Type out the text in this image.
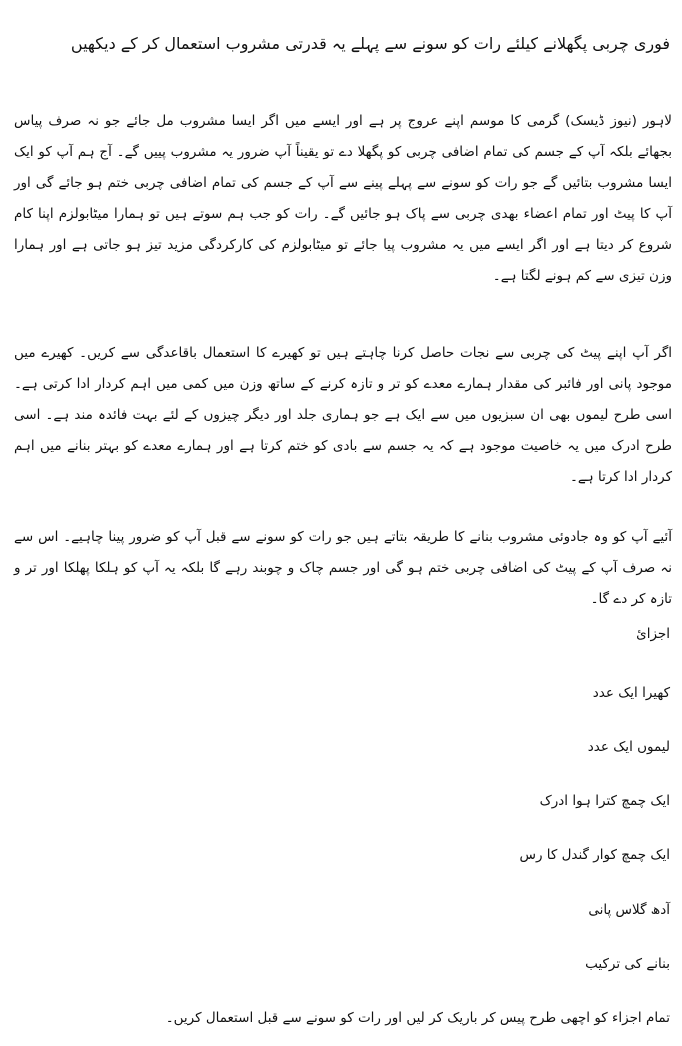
فوری چربی پگھلانے کیلئے رات کو سونے سے پہلے یہ قدرتی مشروب استعمال کر کے دیکھیں

لاہور (نیوز ڈیسک) گرمی کا موسم اپنے عروج پر ہے اور ایسے میں اگر ایسا مشروب مل جائے جو نہ صرف پیاس بجھائے بلکہ آپ کے جسم کی تمام اضافی چربی کو پگھلا دے تو یقیناً آپ ضرور یہ مشروب پییں گے۔ آج ہم آپ کو ایک ایسا مشروب بتائیں گے جو رات کو سونے سے پہلے پینے سے آپ کے جسم کی تمام اضافی چربی ختم ہو جائے گی اور آپ کا پیٹ اور تمام اعضاء بھدی چربی سے پاک ہو جائیں گے۔ رات کو جب ہم سوتے ہیں تو ہمارا میٹابولزم اپنا کام شروع کر دیتا ہے اور اگر ایسے میں یہ مشروب پیا جائے تو میٹابولزم کی کارکردگی مزید تیز ہو جاتی ہے اور ہمارا وزن تیزی سے کم ہونے لگتا ہے۔

اگر آپ اپنے پیٹ کی چربی سے نجات حاصل کرنا چاہتے ہیں تو کھیرے کا استعمال باقاعدگی سے کریں۔ کھیرے میں موجود پانی اور فائبر کی مقدار ہمارے معدے کو تر و تازہ کرنے کے ساتھ وزن میں کمی میں اہم کردار ادا کرتی ہے۔ اسی طرح لیموں بھی ان سبزیوں میں سے ایک ہے جو ہماری جلد اور دیگر چیزوں کے لئے بہت فائدہ مند ہے۔ اسی طرح ادرک میں یہ خاصیت موجود ہے کہ یہ جسم سے بادی کو ختم کرتا ہے اور ہمارے معدے کو بہتر بنانے میں اہم کردار ادا کرتا ہے۔

آئیے آپ کو وہ جادوئی مشروب بنانے کا طریقہ بتاتے ہیں جو رات کو سونے سے قبل آپ کو ضرور پینا چاہیے۔ اس سے نہ صرف آپ کے پیٹ کی اضافی چربی ختم ہو گی اور جسم چاک و چوبند رہے گا بلکہ یہ آپ کو ہلکا پھلکا اور تر و تازہ کر دے گا۔

اجزائ

کھیرا ایک عدد

لیموں ایک عدد

ایک چمچ کترا ہوا ادرک

ایک چمچ کوار گندل کا رس

آدھ گلاس پانی

بنانے کی ترکیب

تمام اجزاء کو اچھی طرح پیس کر باریک کر لیں اور رات کو سونے سے قبل استعمال کریں۔
